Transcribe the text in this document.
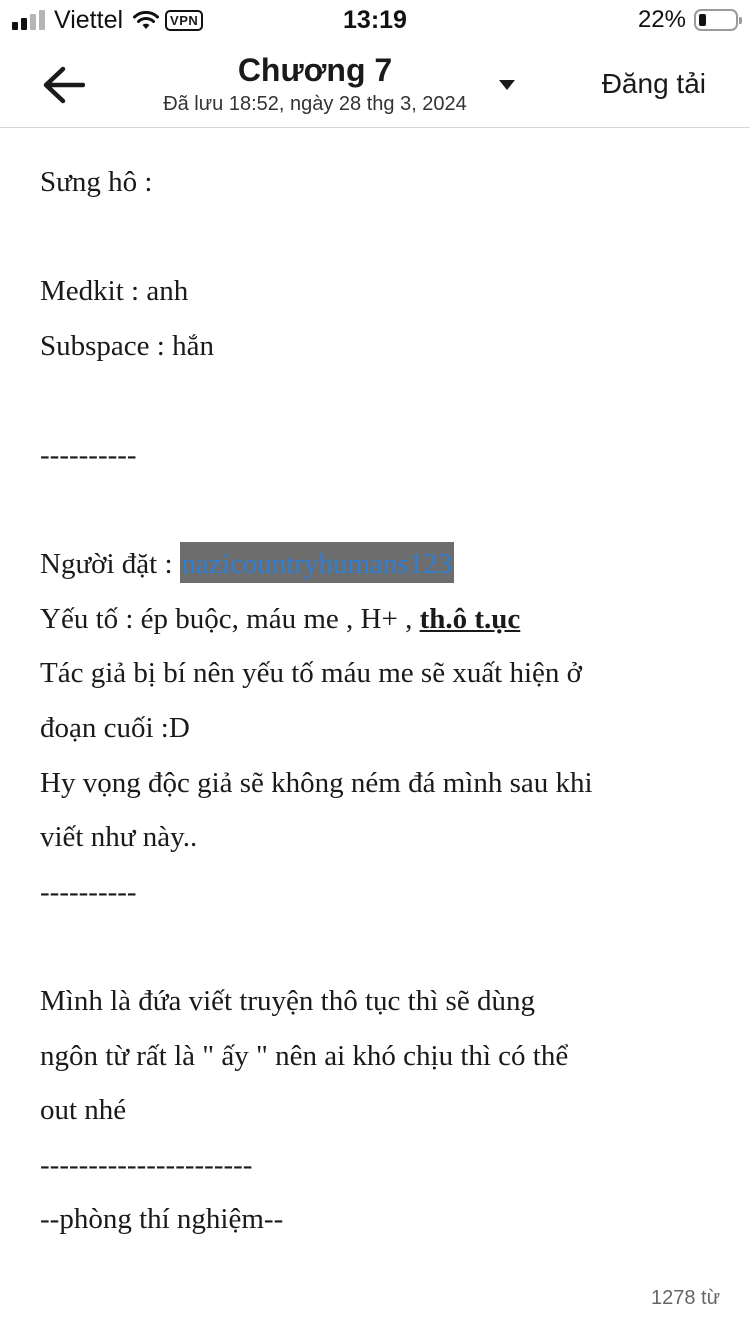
Viettel	VPN	13:19	22%
Chương 7
Đã lưu 18:52, ngày 28 thg 3, 2024
Đăng tải
Sưng hô :
Medkit : anh
Subspace : hắn
----------
Người đặt : nazicountryhumans123
Yếu tố : ép buộc, máu me , H+ , th.ô t.ục
Tác giả bị bí nên yếu tố máu me sẽ xuất hiện ở
đoạn cuối :D
Hy vọng độc giả sẽ không ném đá mình sau khi
viết như này..
----------
Mình là đứa viết truyện thô tục thì sẽ dùng
ngôn từ rất là " ấy " nên ai khó chịu thì có thể
out nhé
----------------------
--phòng thí nghiệm--
1278 từ
